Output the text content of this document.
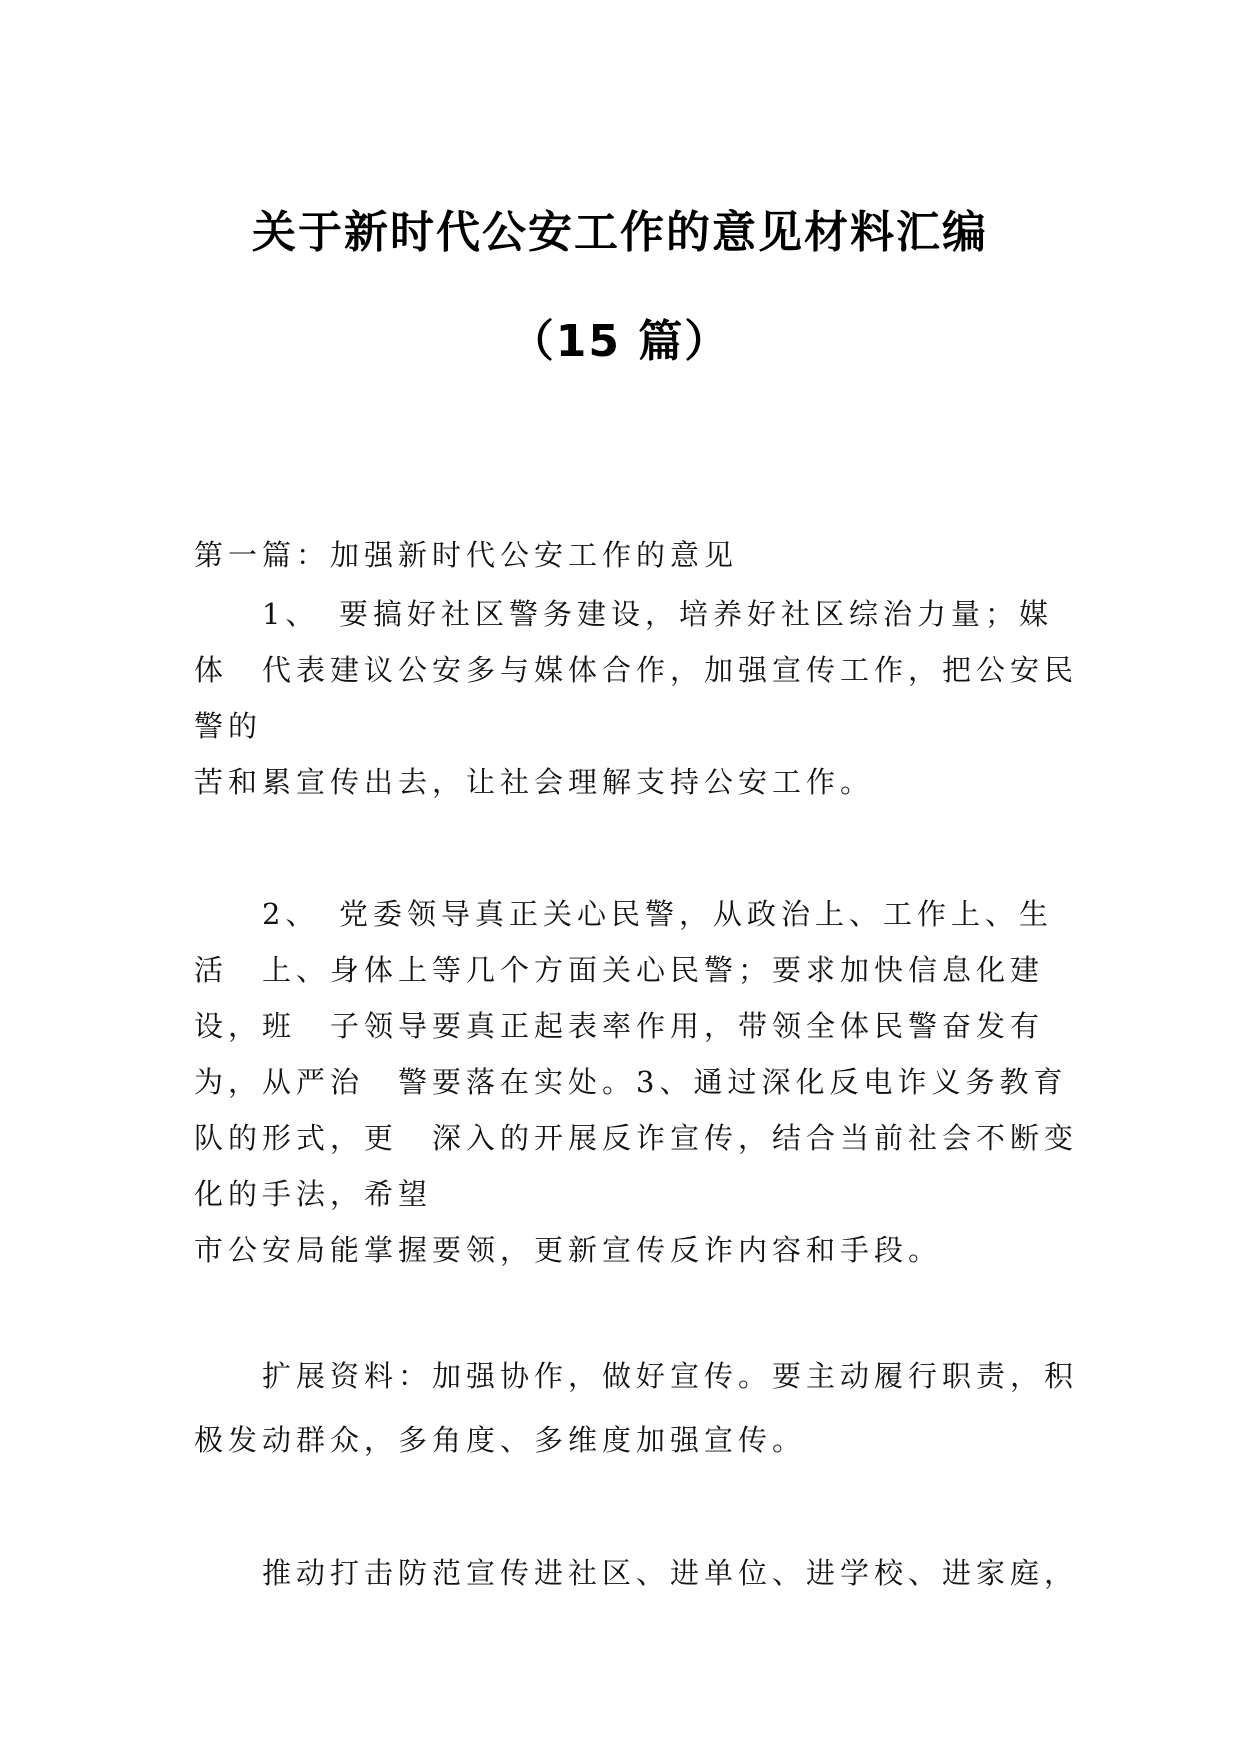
关于新时代公安工作的意见材料汇编
（15 篇）
第一篇：加强新时代公安工作的意见
　　1、　要搞好社区警务建设，培养好社区综治力量；媒
体　代表建议公安多与媒体合作，加强宣传工作，把公安民
警的
苦和累宣传出去，让社会理解支持公安工作。
　　2、　党委领导真正关心民警，从政治上、工作上、生
活　上、身体上等几个方面关心民警；要求加快信息化建
设，班　子领导要真正起表率作用，带领全体民警奋发有
为，从严治　警要落在实处。3、通过深化反电诈义务教育
队的形式，更　深入的开展反诈宣传，结合当前社会不断变
化的手法，希望
市公安局能掌握要领，更新宣传反诈内容和手段。
　　扩展资料：加强协作，做好宣传。要主动履行职责，积
极发动群众，多角度、多维度加强宣传。
　　推动打击防范宣传进社区、进单位、进学校、进家庭，
